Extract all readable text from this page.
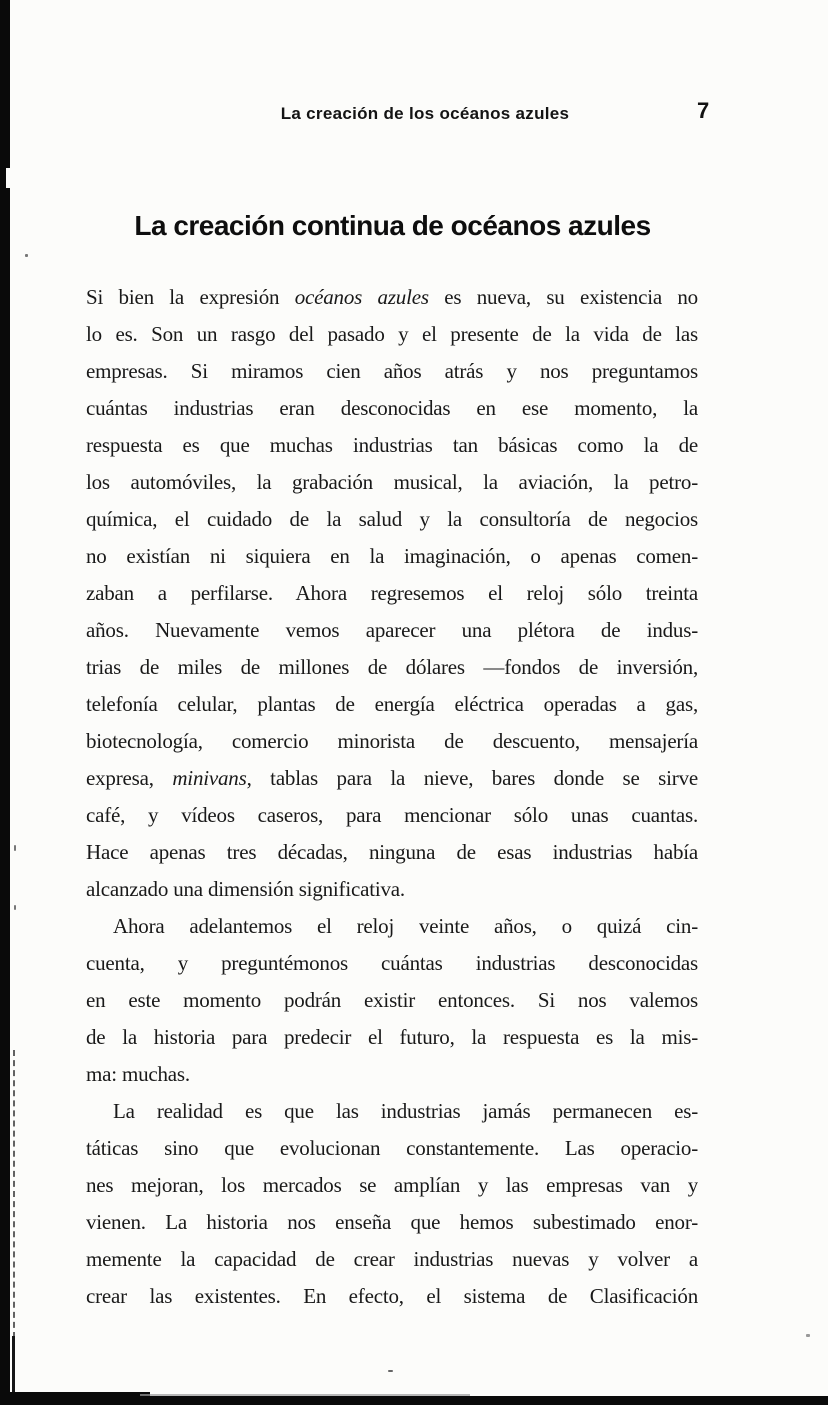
La creación de los océanos azules	7
La creación continua de océanos azules
Si bien la expresión océanos azules es nueva, su existencia no
lo es. Son un rasgo del pasado y el presente de la vida de las
empresas. Si miramos cien años atrás y nos preguntamos
cuántas industrias eran desconocidas en ese momento, la
respuesta es que muchas industrias tan básicas como la de
los automóviles, la grabación musical, la aviación, la petro-
química, el cuidado de la salud y la consultoría de negocios
no existían ni siquiera en la imaginación, o apenas comen-
zaban a perfilarse. Ahora regresemos el reloj sólo treinta
años. Nuevamente vemos aparecer una plétora de indus-
trias de miles de millones de dólares —fondos de inversión,
telefonía celular, plantas de energía eléctrica operadas a gas,
biotecnología, comercio minorista de descuento, mensajería
expresa, minivans, tablas para la nieve, bares donde se sirve
café, y vídeos caseros, para mencionar sólo unas cuantas.
Hace apenas tres décadas, ninguna de esas industrias había
alcanzado una dimensión significativa.
Ahora adelantemos el reloj veinte años, o quizá cin-
cuenta, y preguntémonos cuántas industrias desconocidas
en este momento podrán existir entonces. Si nos valemos
de la historia para predecir el futuro, la respuesta es la mis-
ma: muchas.
La realidad es que las industrias jamás permanecen es-
táticas sino que evolucionan constantemente. Las operacio-
nes mejoran, los mercados se amplían y las empresas van y
vienen. La historia nos enseña que hemos subestimado enor-
memente la capacidad de crear industrias nuevas y volver a
crear las existentes. En efecto, el sistema de Clasificación
